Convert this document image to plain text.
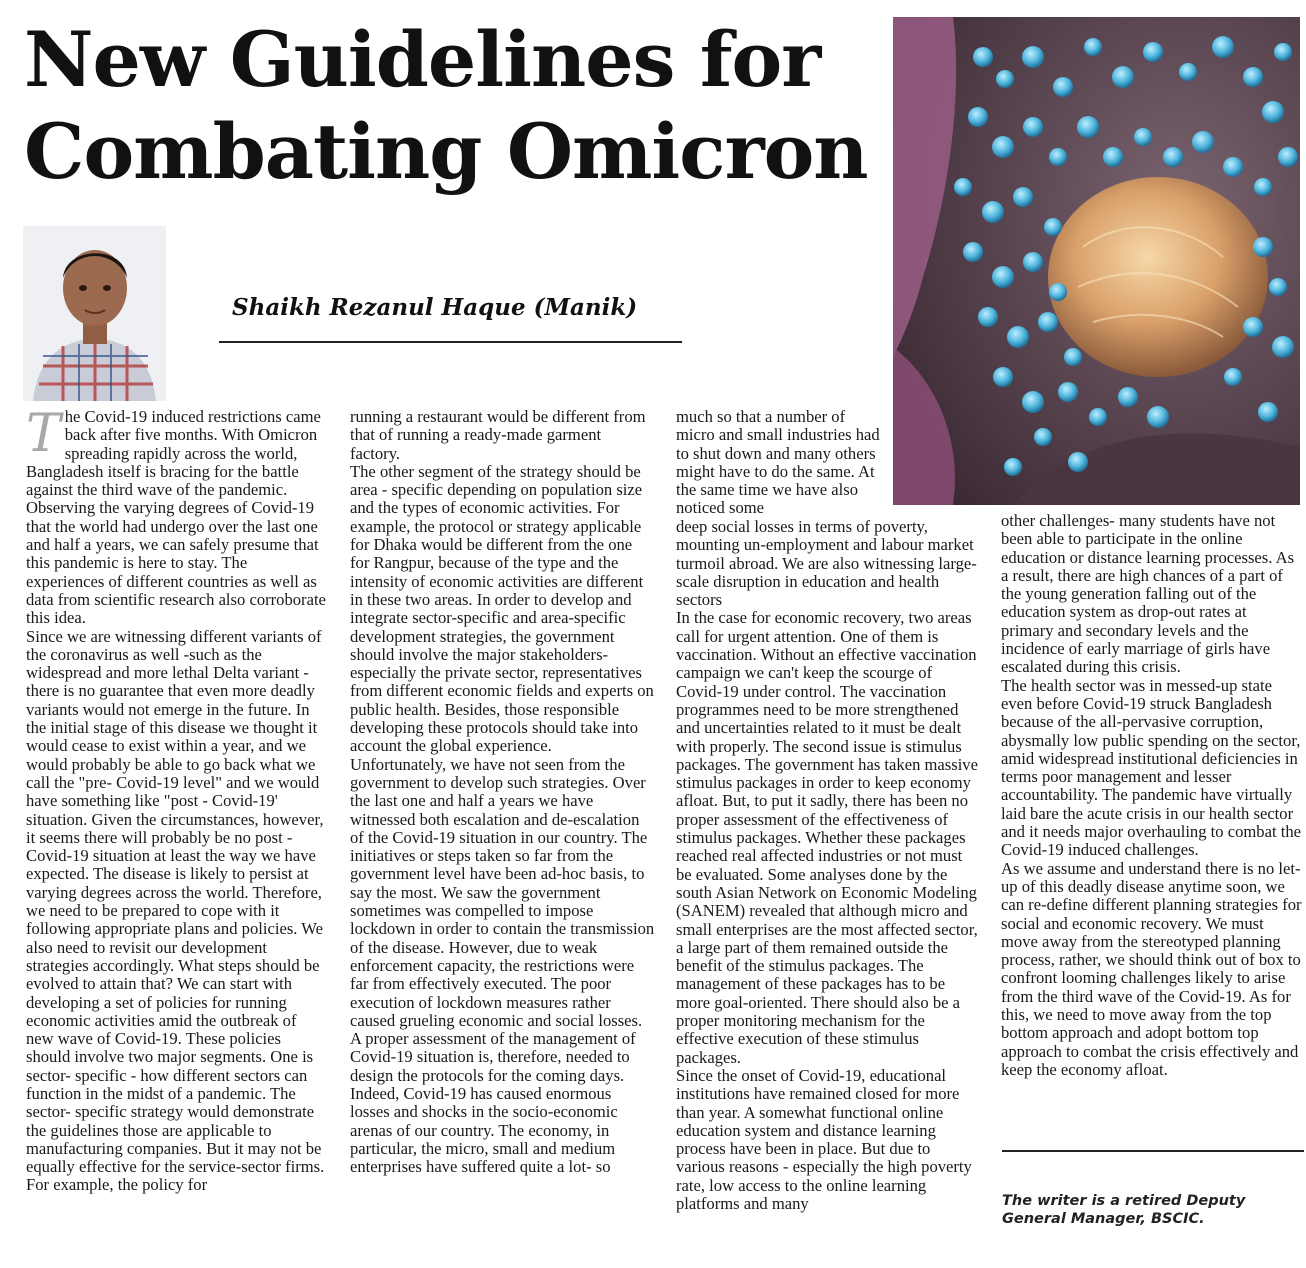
New Guidelines for
Combating Omicron

Shaikh Rezanul Haque (Manik)

The Covid-19 induced restrictions came back after five months. With Omicron spreading rapidly across the world, Bangladesh itself is bracing for the battle against the third wave of the pandemic. Observing the varying degrees of Covid-19 that the world had undergo over the last one and half a years, we can safely presume that this pandemic is here to stay. The experiences of different countries as well as data from scientific research also corroborate this idea.

Since we are witnessing different variants of the coronavirus as well -such as the widespread and more lethal Delta variant - there is no guarantee that even more deadly variants would not emerge in the future. In the initial stage of this disease we thought it would cease to exist within a year, and we would probably be able to go back what we call the "pre- Covid-19 level" and we would have something like "post - Covid-19' situation. Given the circumstances, however, it seems there will probably be no post - Covid-19 situation at least the way we have expected. The disease is likely to persist at varying degrees across the world. Therefore, we need to be prepared to cope with it following appropriate plans and policies. We also need to revisit our development strategies accordingly. What steps should be evolved to attain that? We can start with developing a set of policies for running economic activities amid the outbreak of new wave of Covid-19. These policies should involve two major segments. One is sector- specific - how different sectors can function in the midst of a pandemic. The sector- specific strategy would demonstrate the guidelines those are applicable to manufacturing companies. But it may not be equally effective for the service-sector firms. For example, the policy for

running a restaurant would be different from that of running a ready-made garment factory.

The other segment of the strategy should be area - specific depending on population size and the types of economic activities. For example, the protocol or strategy applicable for Dhaka would be different from the one for Rangpur, because of the type and the intensity of economic activities are different in these two areas. In order to develop and integrate sector-specific and area-specific development strategies, the government should involve the major stakeholders- especially the private sector, representatives from different economic fields and experts on public health. Besides, those responsible developing these protocols should take into account the global experience.

Unfortunately, we have not seen from the government to develop such strategies. Over the last one and half a years we have witnessed both escalation and de-escalation of the Covid-19 situation in our country. The initiatives or steps taken so far from the government level have been ad-hoc basis, to say the most. We saw the government sometimes was compelled to impose lockdown in order to contain the transmission of the disease. However, due to weak enforcement capacity, the restrictions were far from effectively executed. The poor execution of lockdown measures rather caused grueling economic and social losses. A proper assessment of the management of Covid-19 situation is, therefore, needed to design the protocols for the coming days.

Indeed, Covid-19 has caused enormous losses and shocks in the socio-economic arenas of our country. The economy, in particular, the micro, small and medium enterprises have suffered quite a lot- so

much so that a number of micro and small industries had to shut down and many others might have to do the same. At the same time we have also noticed some

deep social losses in terms of poverty, mounting un-employment and labour market turmoil abroad. We are also witnessing large-scale disruption in education and health sectors

In the case for economic recovery, two areas call for urgent attention. One of them is vaccination. Without an effective vaccination campaign we can't keep the scourge of Covid-19 under control. The vaccination programmes need to be more strengthened and uncertainties related to it must be dealt with properly. The second issue is stimulus packages. The government has taken massive stimulus packages in order to keep economy afloat. But, to put it sadly, there has been no proper assessment of the effectiveness of stimulus packages. Whether these packages reached real affected industries or not must be evaluated. Some analyses done by the south Asian Network on Economic Modeling (SANEM) revealed that although micro and small enterprises are the most affected sector, a large part of them remained outside the benefit of the stimulus packages. The management of these packages has to be more goal-oriented. There should also be a proper monitoring mechanism for the effective execution of these stimulus packages.

Since the onset of Covid-19, educational institutions have remained closed for more than year. A somewhat functional online education system and distance learning process have been in place. But due to various reasons - especially the high poverty rate, low access to the online learning platforms and many

other challenges- many students have not been able to participate in the online education or distance learning processes. As a result, there are high chances of a part of the young generation falling out of the education system as drop-out rates at primary and secondary levels and the incidence of early marriage of girls have escalated during this crisis.

The health sector was in messed-up state even before Covid-19 struck Bangladesh because of the all-pervasive corruption, abysmally low public spending on the sector, amid widespread institutional deficiencies in terms poor management and lesser accountability. The pandemic have virtually laid bare the acute crisis in our health sector and it needs major overhauling to combat the Covid-19 induced challenges.

As we assume and understand there is no let-up of this deadly disease anytime soon, we can re-define different planning strategies for social and economic recovery. We must move away from the stereotyped planning process, rather, we should think out of box to confront looming challenges likely to arise from the third wave of the Covid-19. As for this, we need to move away from the top bottom approach and adopt bottom top approach to combat the crisis effectively and keep the economy afloat.

The writer is a retired Deputy General Manager, BSCIC.
